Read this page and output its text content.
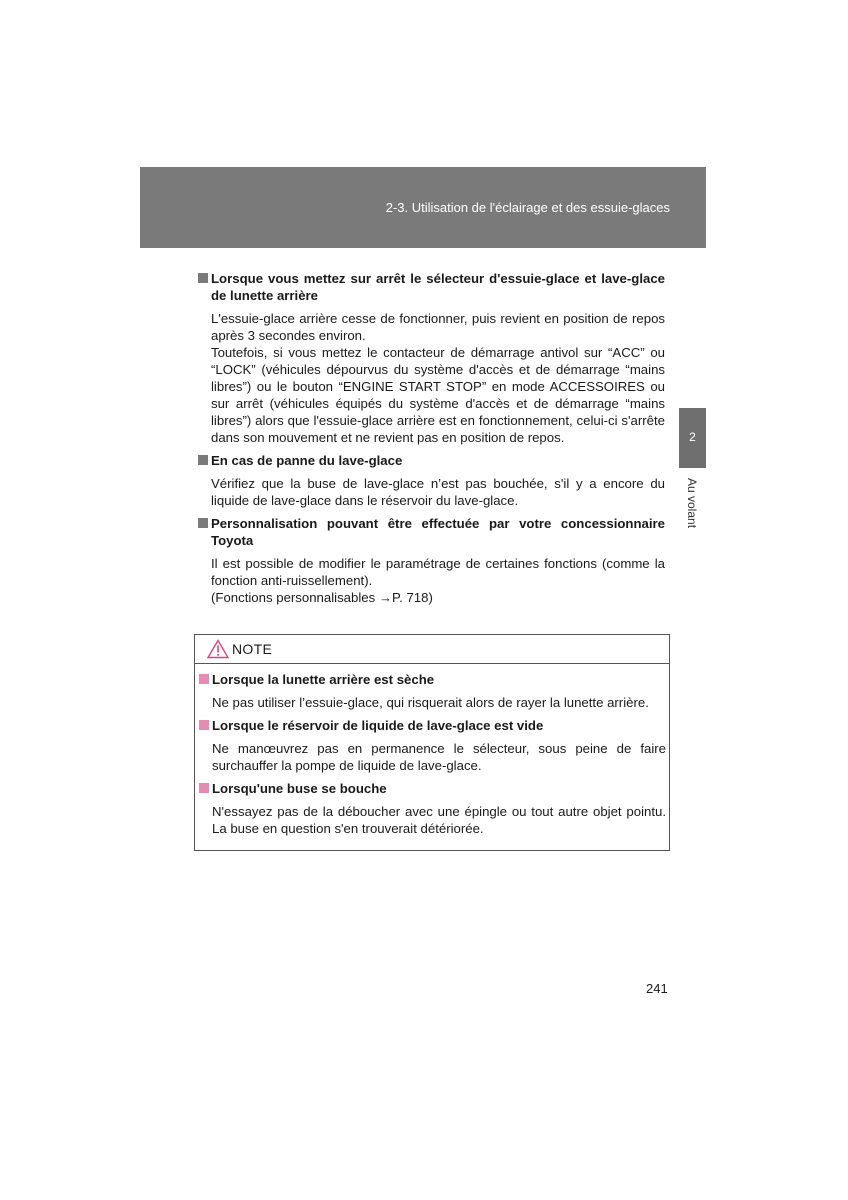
2-3. Utilisation de l'éclairage et des essuie-glaces
2
Au volant
Lorsque vous mettez sur arrêt le sélecteur d'essuie-glace et lave-glace de lunette arrière

L'essuie-glace arrière cesse de fonctionner, puis revient en position de repos après 3 secondes environ.

Toutefois, si vous mettez le contacteur de démarrage antivol sur “ACC” ou “LOCK” (véhicules dépourvus du système d'accès et de démarrage “mains libres”) ou le bouton “ENGINE START STOP” en mode ACCESSOIRES ou sur arrêt (véhicules équipés du système d'accès et de démarrage “mains libres”) alors que l'essuie-glace arrière est en fonctionnement, celui-ci s'arrête dans son mouvement et ne revient pas en position de repos.

En cas de panne du lave-glace

Vérifiez que la buse de lave-glace n’est pas bouchée, s'il y a encore du liquide de lave-glace dans le réservoir du lave-glace.

Personnalisation pouvant être effectuée par votre concessionnaire Toyota

Il est possible de modifier le paramétrage de certaines fonctions (comme la fonction anti-ruissellement).

(Fonctions personnalisables →P. 718)

NOTE
Lorsque la lunette arrière est sèche

Ne pas utiliser l’essuie-glace, qui risquerait alors de rayer la lunette arrière.

Lorsque le réservoir de liquide de lave-glace est vide

Ne manœuvrez pas en permanence le sélecteur, sous peine de faire surchauffer la pompe de liquide de lave-glace.

Lorsqu'une buse se bouche

N'essayez pas de la déboucher avec une épingle ou tout autre objet pointu. La buse en question s'en trouverait détériorée.

241
